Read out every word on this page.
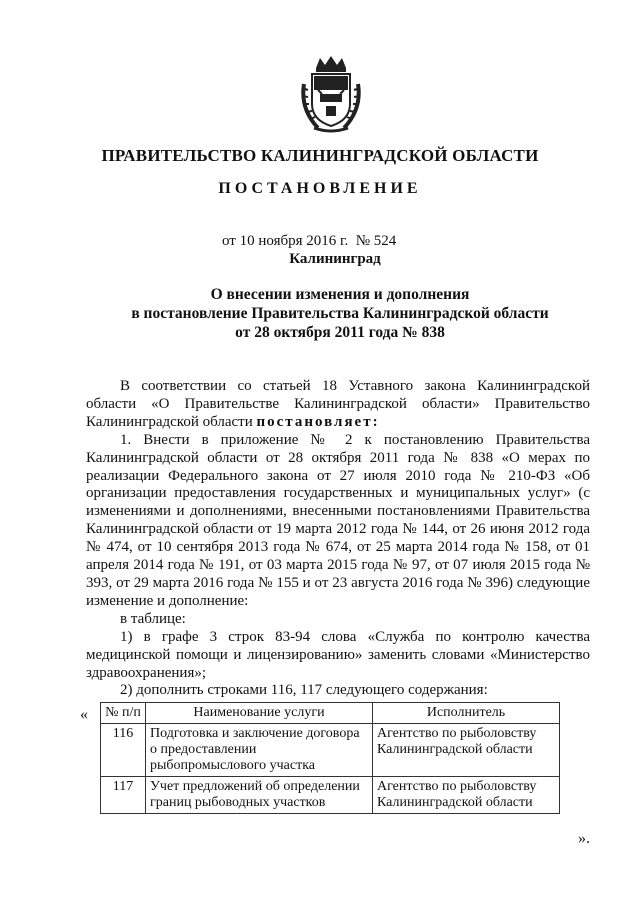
ПРАВИТЕЛЬСТВО КАЛИНИНГРАДСКОЙ ОБЛАСТИ
ПОСТАНОВЛЕНИЕ
от 10 ноября 2016 г. № 524
Калининград
О внесении изменения и дополнения
в постановление Правительства Калининградской области
от 28 октября 2011 года № 838

В соответствии со статьей 18 Уставного закона Калининградской области «О Правительстве Калининградской области» Правительство Калининградской области постановляет:

1. Внести в приложение № 2 к постановлению Правительства Калининградской области от 28 октября 2011 года № 838 «О мерах по реализации Федерального закона от 27 июля 2010 года № 210-ФЗ «Об организации предоставления государственных и муниципальных услуг» (с изменениями и дополнениями, внесенными постановлениями Правительства Калининградской области от 19 марта 2012 года № 144, от 26 июня 2012 года № 474, от 10 сентября 2013 года № 674, от 25 марта 2014 года № 158, от 01 апреля 2014 года № 191, от 03 марта 2015 года № 97, от 07 июля 2015 года № 393, от 29 марта 2016 года № 155 и от 23 августа 2016 года № 396) следующие изменение и дополнение:

в таблице:

1) в графе 3 строк 83-94 слова «Служба по контролю качества медицинской помощи и лицензированию» заменить словами «Министерство здравоохранения»;

2) дополнить строками 116, 117 следующего содержания:

« № п/п	Наименование услуги	Исполнитель
116	Подготовка и заключение договора о предоставлении рыбопромыслового участка	Агентство по рыболовству Калининградской области
117	Учет предложений об определении границ рыбоводных участков	Агентство по рыболовству Калининградской области
».
